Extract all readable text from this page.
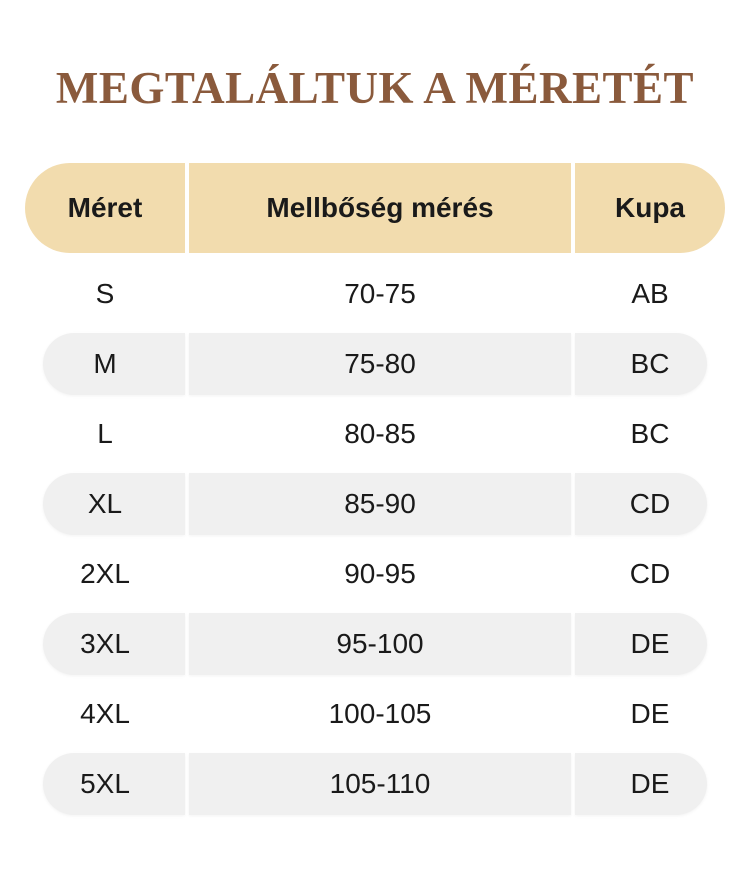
MEGTALÁLTUK A MÉRETÉT
Méret	Mellbőség mérés	Kupa
S	70-75	AB
M	75-80	BC
L	80-85	BC
XL	85-90	CD
2XL	90-95	CD
3XL	95-100	DE
4XL	100-105	DE
5XL	105-110	DE
